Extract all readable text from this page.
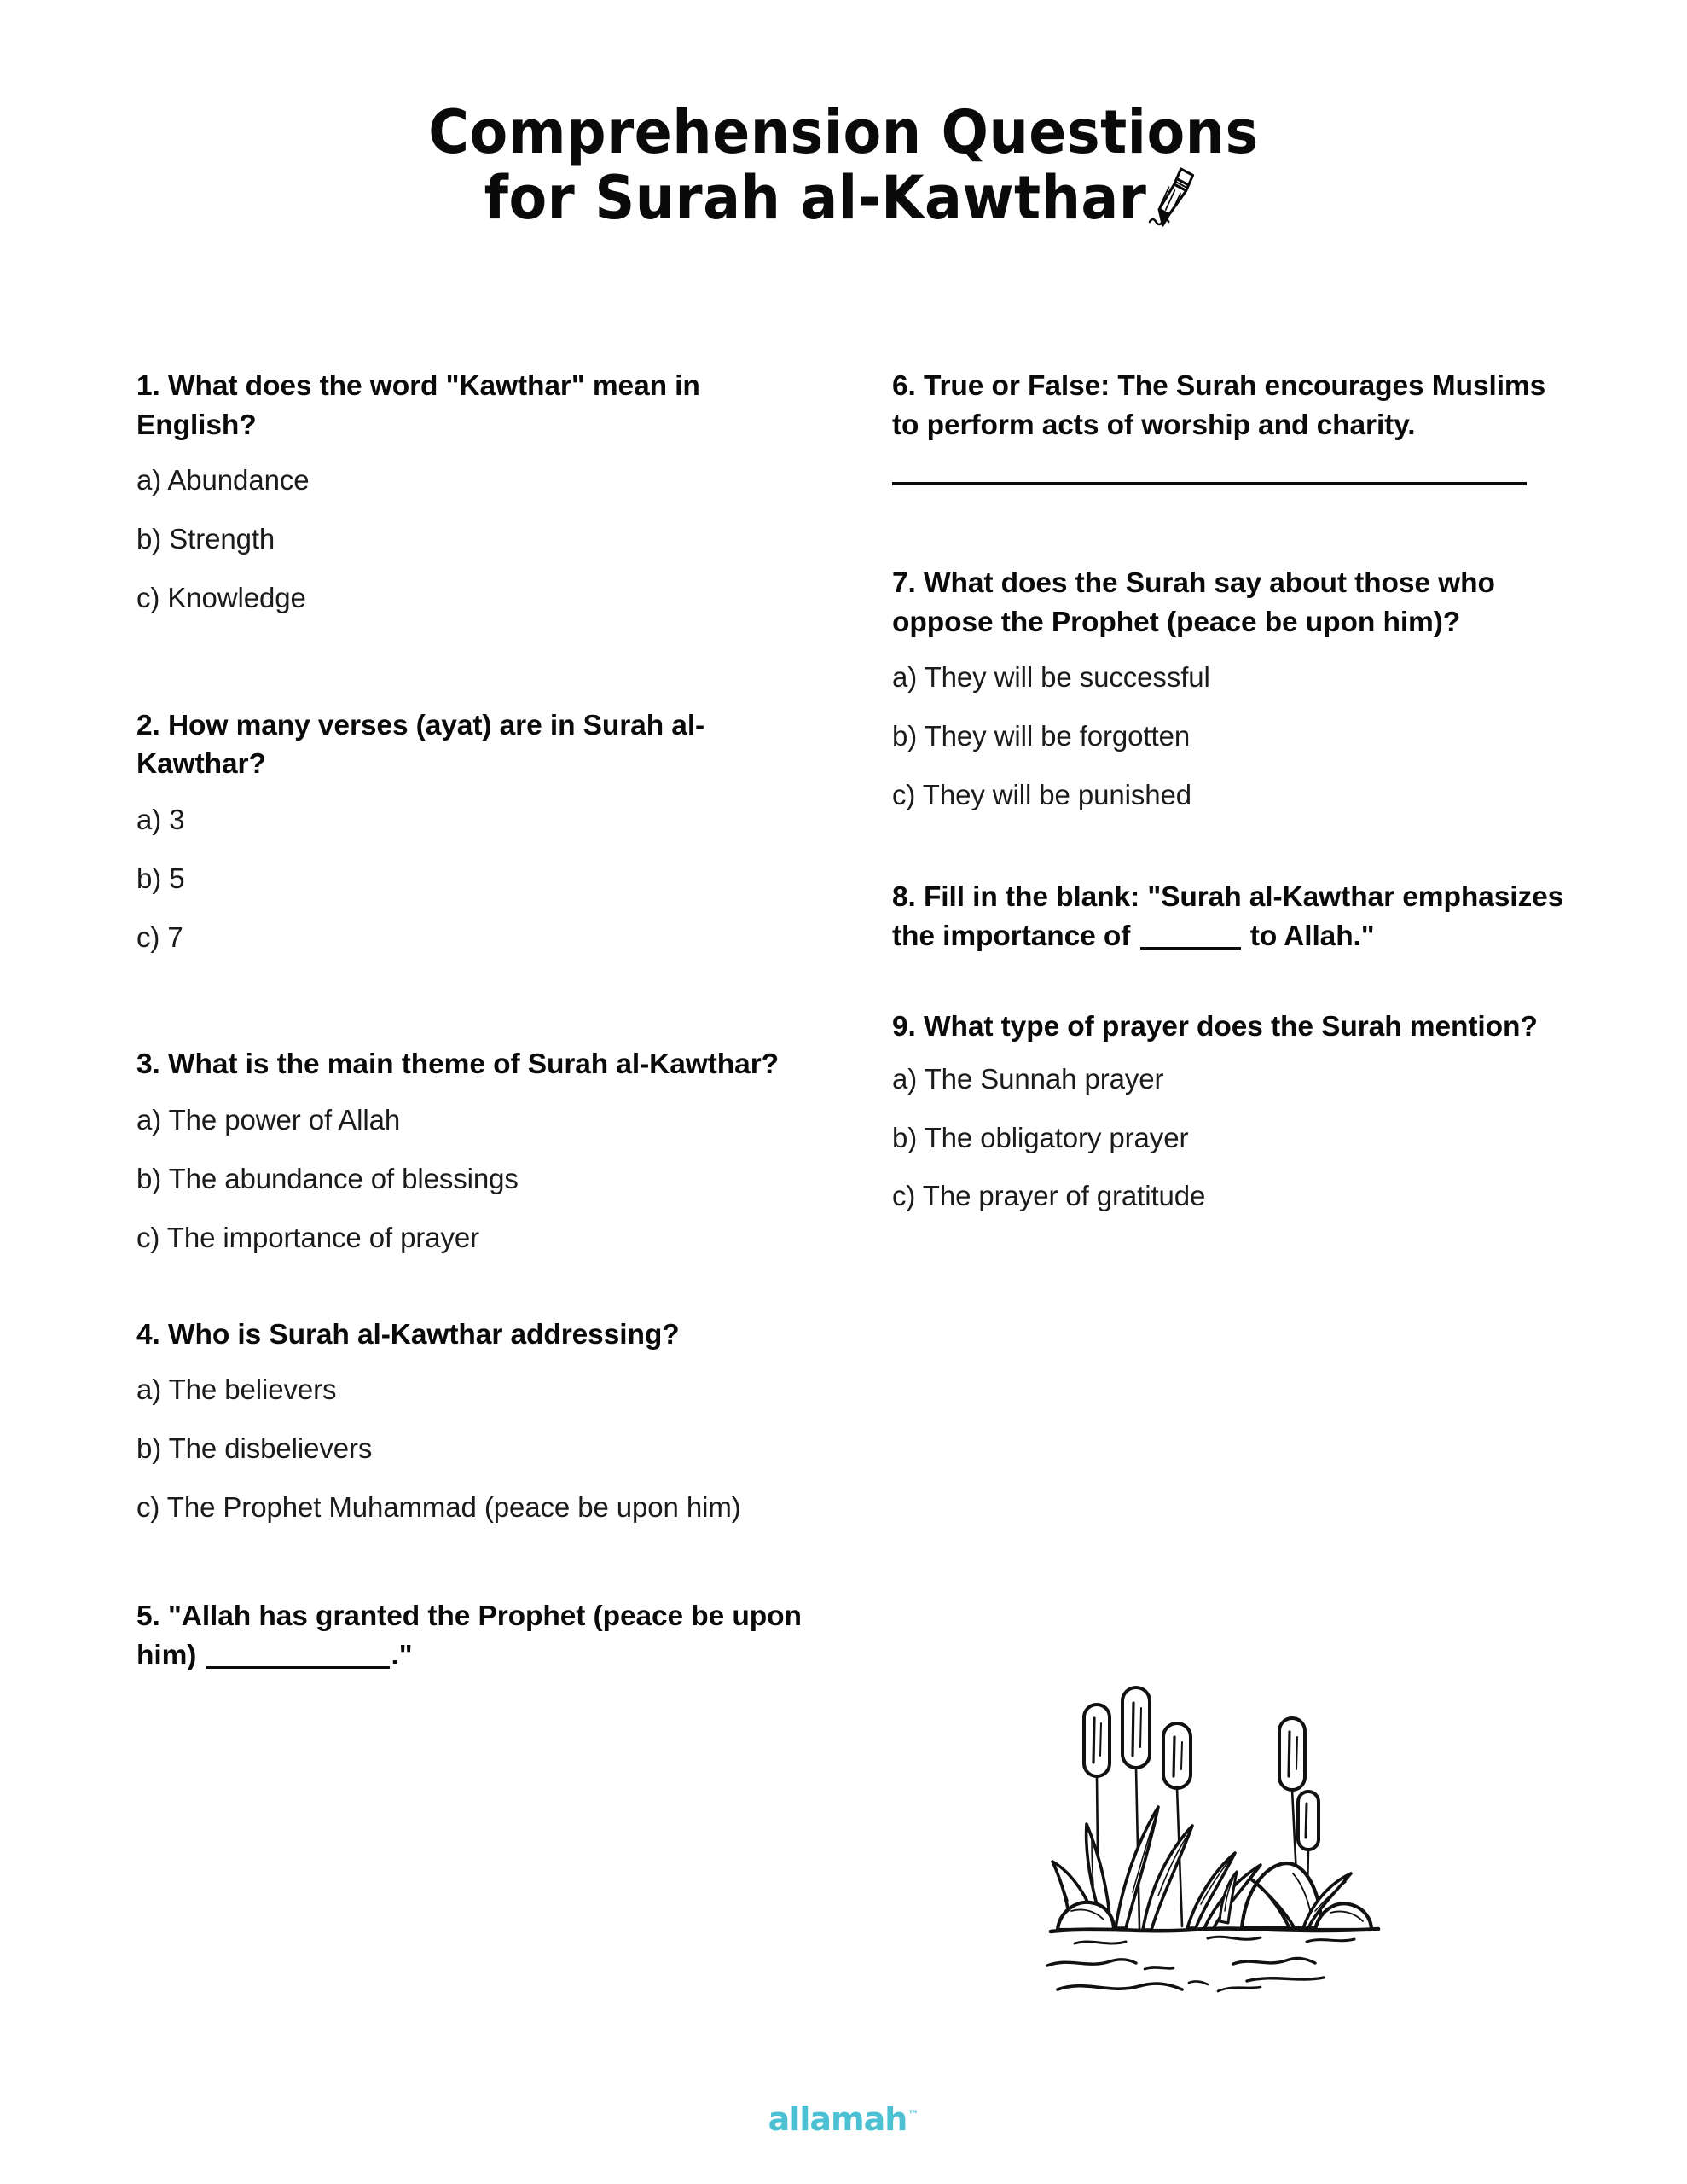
Comprehension Questions
for Surah al-Kawthar

1. What does the word "Kawthar" mean in English?

a) Abundance

b) Strength

c) Knowledge

2. How many verses (ayat) are in Surah al-Kawthar?

a) 3

b) 5

c) 7

3. What is the main theme of Surah al-Kawthar?

a) The power of Allah

b) The abundance of blessings

c) The importance of prayer

4. Who is Surah al-Kawthar addressing?

a) The believers

b) The disbelievers

c) The Prophet Muhammad (peace be upon him)

5. "Allah has granted the Prophet (peace be upon him)	."

6. True or False: The Surah encourages Muslims to perform acts of worship and charity.

7. What does the Surah say about those who oppose the Prophet (peace be upon him)?

a) They will be successful

b) They will be forgotten

c) They will be punished

8. Fill in the blank: "Surah al-Kawthar emphasizes the importance of	to Allah."

9. What type of prayer does the Surah mention?

a) The Sunnah prayer

b) The obligatory prayer

c) The prayer of gratitude

allamah™
